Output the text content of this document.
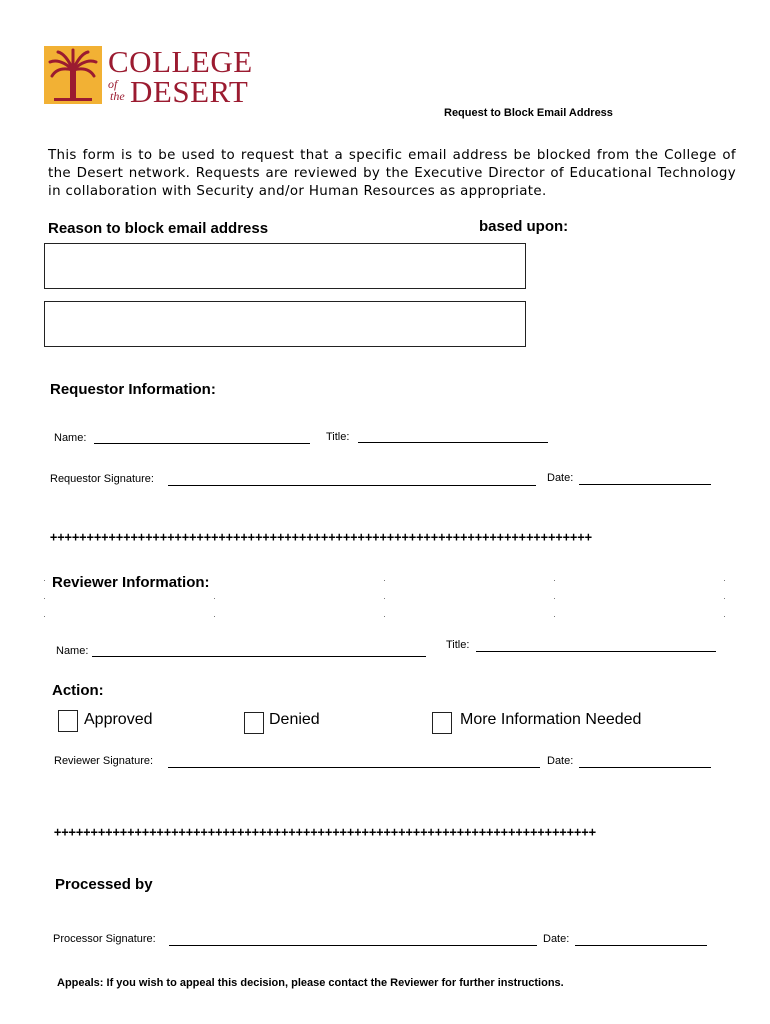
COLLEGE
of
the DESERT
Request to Block Email Address
This form is to be used to request that a specific email address be blocked from the College of the Desert network. Requests are reviewed by the Executive Director of Educational Technology in collaboration with Security and/or Human Resources as appropriate.
Reason to block email address	based upon:
Requestor Information:
Name:	Title:
Requestor Signature:	Date:
++++++++++++++++++++++++++++++++++++++++++++++++++++++++++++++++++++++++++
Reviewer Information:
Name:	Title:
Action:
Approved	Denied	More Information Needed
Reviewer Signature:	Date:
++++++++++++++++++++++++++++++++++++++++++++++++++++++++++++++++++++++++++
Processed by
Processor Signature:	Date:
Appeals: If you wish to appeal this decision, please contact the Reviewer for further instructions.
